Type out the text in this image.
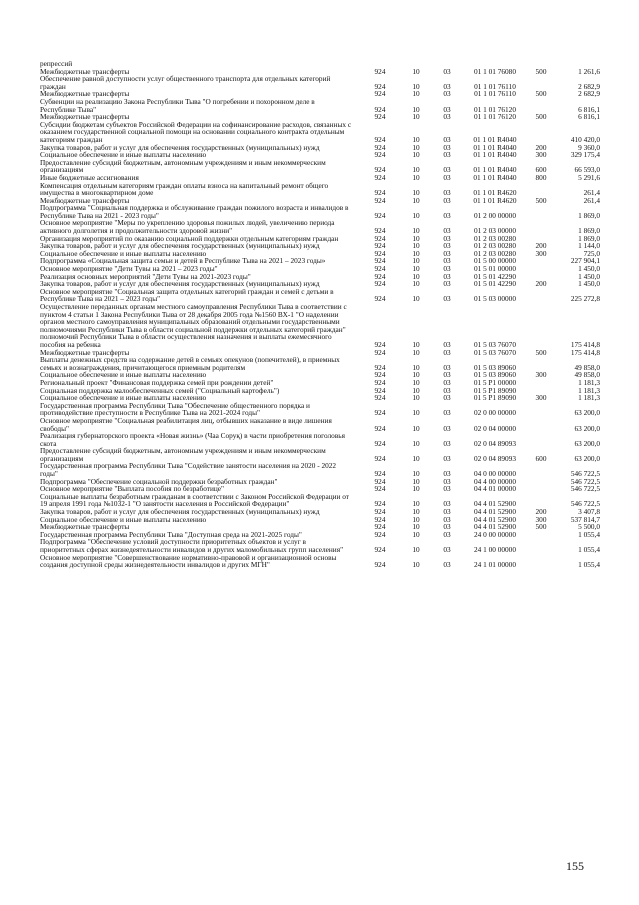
репрессий						
Межбюджетные трансферты	924	10	03	01 1 01 76080	500	1 261,6
Обеспечение равной доступности услуг общественного транспорта для отдельных категорий граждан	924	10	03	01 1 01 76110		2 682,9
Межбюджетные трансферты	924	10	03	01 1 01 76110	500	2 682,9
Субвенции на реализацию Закона Республики Тыва "О погребении и похоронном деле в Республике Тыва"	924	10	03	01 1 01 76120		6 816,1
Межбюджетные трансферты	924	10	03	01 1 01 76120	500	6 816,1
Субсидии бюджетам субъектов Российской Федерации на софинансирование расходов, связанных с оказанием государственной социальной помощи на основании социального контракта отдельным категориям граждан	924	10	03	01 1 01 R4040		410 420,0
Закупка товаров, работ и услуг для обеспечения государственных (муниципальных) нужд	924	10	03	01 1 01 R4040	200	9 360,0
Социальное обеспечение и иные выплаты населению	924	10	03	01 1 01 R4040	300	329 175,4
Предоставление субсидий бюджетным, автономным учреждениям и иным некоммерческим организациям	924	10	03	01 1 01 R4040	600	66 593,0
Иные бюджетные ассигнования	924	10	03	01 1 01 R4040	800	5 291,6
Компенсация отдельным категориям граждан оплаты взноса на капитальный ремонт общего имущества в многоквартирном доме	924	10	03	01 1 01 R4620		261,4
Межбюджетные трансферты	924	10	03	01 1 01 R4620	500	261,4
Подпрограмма "Социальная поддержка и обслуживание граждан пожилого возраста и инвалидов в Республике Тыва на 2021 - 2023 годы"	924	10	03	01 2 00 00000		1 869,0
Основное мероприятие "Меры по укреплению здоровья пожилых людей, увеличению периода активного долголетия и продолжительности здоровой жизни"	924	10	03	01 2 03 00000		1 869,0
Организация мероприятий по оказанию социальной поддержки отдельным категориям граждан	924	10	03	01 2 03 00280		1 869,0
Закупка товаров, работ и услуг для обеспечения государственных (муниципальных) нужд	924	10	03	01 2 03 00280	200	1 144,0
Социальное обеспечение и иные выплаты населению	924	10	03	01 2 03 00280	300	725,0
Подпрограмма «Социальная защита семьи и детей в Республике Тыва на 2021 – 2023 годы»	924	10	03	01 5 00 00000		227 904,1
Основное мероприятие "Дети Тувы на 2021 – 2023 годы"	924	10	03	01 5 01 00000		1 450,0
Реализация основных мероприятий "Дети Тувы на 2021-2023 годы"	924	10	03	01 5 01 42290		1 450,0
Закупка товаров, работ и услуг для обеспечения государственных (муниципальных) нужд	924	10	03	01 5 01 42290	200	1 450,0
Основное мероприятие "Социальная защита отдельных категорий граждан и семей с детьми в Республике Тыва на 2021 – 2023 годы"	924	10	03	01 5 03 00000		225 272,8
Осуществление переданных органам местного самоуправления Республики Тыва в соответствии с пунктом 4 статьи 1 Закона Республики Тыва от 28 декабря 2005 года №1560 ВХ-1 "О наделении органов местного самоуправления муниципальных образований отдельными государственными полномочиями Республики Тыва в области социальной поддержки отдельных категорий граждан" полномочий Республики Тыва в области осуществления назначения и выплаты ежемесячного пособия на ребенка	924	10	03	01 5 03 76070		175 414,8
Межбюджетные трансферты	924	10	03	01 5 03 76070	500	175 414,8
Выплаты денежных средств на содержание детей в семьях опекунов (попечителей), в приемных семьях и вознаграждения, причитающегося приемным родителям	924	10	03	01 5 03 89060		49 858,0
Социальное обеспечение и иные выплаты населению	924	10	03	01 5 03 89060	300	49 858,0
Региональный проект "Финансовая поддержка семей при рождении детей"	924	10	03	01 5 P1 00000		1 181,3
Социальная поддержка малообеспеченных семей ("Социальный картофель")	924	10	03	01 5 P1 89090		1 181,3
Социальное обеспечение и иные выплаты населению	924	10	03	01 5 P1 89090	300	1 181,3
Государственная программа Республики Тыва "Обеспечение общественного порядка и противодействие преступности в Республике Тыва на 2021-2024 годы"	924	10	03	02 0 00 00000		63 200,0
Основное мероприятие "Социальная реабилитация лиц, отбывших наказание в виде лишения свободы"	924	10	03	02 0 04 00000		63 200,0
Реализация губернаторского проекта «Новая жизнь» (Чаа Соруқ) в части приобретения поголовья скота	924	10	03	02 0 04 89093		63 200,0
Предоставление субсидий бюджетным, автономным учреждениям и иным некоммерческим организациям	924	10	03	02 0 04 89093	600	63 200,0
Государственная программа Республики Тыва "Содействие занятости населения на 2020 - 2022 годы"	924	10	03	04 0 00 00000		546 722,5
Подпрограмма "Обеспечение социальной поддержки безработных граждан"	924	10	03	04 4 00 00000		546 722,5
Основное мероприятие "Выплата пособия по безработице"	924	10	03	04 4 01 00000		546 722,5
Социальные выплаты безработным гражданам в соответствии с Законом Российской Федерации от 19 апреля 1991 года №1032-1 "О занятости населения в Российской Федерации"	924	10	03	04 4 01 52900		546 722,5
Закупка товаров, работ и услуг для обеспечения государственных (муниципальных) нужд	924	10	03	04 4 01 52900	200	3 407,8
Социальное обеспечение и иные выплаты населению	924	10	03	04 4 01 52900	300	537 814,7
Межбюджетные трансферты	924	10	03	04 4 01 52900	500	5 500,0
Государственная программа Республики Тыва "Доступная среда на 2021-2025 годы"	924	10	03	24 0 00 00000		1 055,4
Подпрограмма "Обеспечение условий доступности приоритетных объектов и услуг в приоритетных сферах жизнедеятельности инвалидов и других маломобильных групп населения"	924	10	03	24 1 00 00000		1 055,4
Основное мероприятие "Совершенствование нормативно-правовой и организационной основы создания доступной среды жизнедеятельности инвалидов и других МГН"	924	10	03	24 1 01 00000		1 055,4
155
